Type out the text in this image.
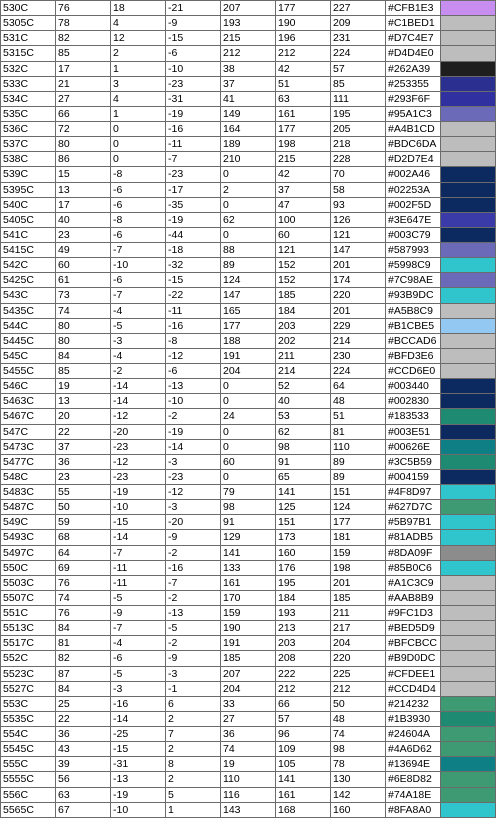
530C	76	18	-21	207	177	227	#CFB1E3	
5305C	78	4	-9	193	190	209	#C1BED1	
531C	82	12	-15	215	196	231	#D7C4E7	
5315C	85	2	-6	212	212	224	#D4D4E0	
532C	17	1	-10	38	42	57	#262A39	
533C	21	3	-23	37	51	85	#253355	
534C	27	4	-31	41	63	111	#293F6F	
535C	66	1	-19	149	161	195	#95A1C3	
536C	72	0	-16	164	177	205	#A4B1CD	
537C	80	0	-11	189	198	218	#BDC6DA	
538C	86	0	-7	210	215	228	#D2D7E4	
539C	15	-8	-23	0	42	70	#002A46	
5395C	13	-6	-17	2	37	58	#02253A	
540C	17	-6	-35	0	47	93	#002F5D	
5405C	40	-8	-19	62	100	126	#3E647E	
541C	23	-6	-44	0	60	121	#003C79	
5415C	49	-7	-18	88	121	147	#587993	
542C	60	-10	-32	89	152	201	#5998C9	
5425C	61	-6	-15	124	152	174	#7C98AE	
543C	73	-7	-22	147	185	220	#93B9DC	
5435C	74	-4	-11	165	184	201	#A5B8C9	
544C	80	-5	-16	177	203	229	#B1CBE5	
5445C	80	-3	-8	188	202	214	#BCCAD6	
545C	84	-4	-12	191	211	230	#BFD3E6	
5455C	85	-2	-6	204	214	224	#CCD6E0	
546C	19	-14	-13	0	52	64	#003440	
5463C	13	-14	-10	0	40	48	#002830	
5467C	20	-12	-2	24	53	51	#183533	
547C	22	-20	-19	0	62	81	#003E51	
5473C	37	-23	-14	0	98	110	#00626E	
5477C	36	-12	-3	60	91	89	#3C5B59	
548C	23	-23	-23	0	65	89	#004159	
5483C	55	-19	-12	79	141	151	#4F8D97	
5487C	50	-10	-3	98	125	124	#627D7C	
549C	59	-15	-20	91	151	177	#5B97B1	
5493C	68	-14	-9	129	173	181	#81ADB5	
5497C	64	-7	-2	141	160	159	#8DA09F	
550C	69	-11	-16	133	176	198	#85B0C6	
5503C	76	-11	-7	161	195	201	#A1C3C9	
5507C	74	-5	-2	170	184	185	#AAB8B9	
551C	76	-9	-13	159	193	211	#9FC1D3	
5513C	84	-7	-5	190	213	217	#BED5D9	
5517C	81	-4	-2	191	203	204	#BFCBCC	
552C	82	-6	-9	185	208	220	#B9D0DC	
5523C	87	-5	-3	207	222	225	#CFDEE1	
5527C	84	-3	-1	204	212	212	#CCD4D4	
553C	25	-16	6	33	66	50	#214232	
5535C	22	-14	2	27	57	48	#1B3930	
554C	36	-25	7	36	96	74	#24604A	
5545C	43	-15	2	74	109	98	#4A6D62	
555C	39	-31	8	19	105	78	#13694E	
5555C	56	-13	2	110	141	130	#6E8D82	
556C	63	-19	5	116	161	142	#74A18E	
5565C	67	-10	1	143	168	160	#8FA8A0	
